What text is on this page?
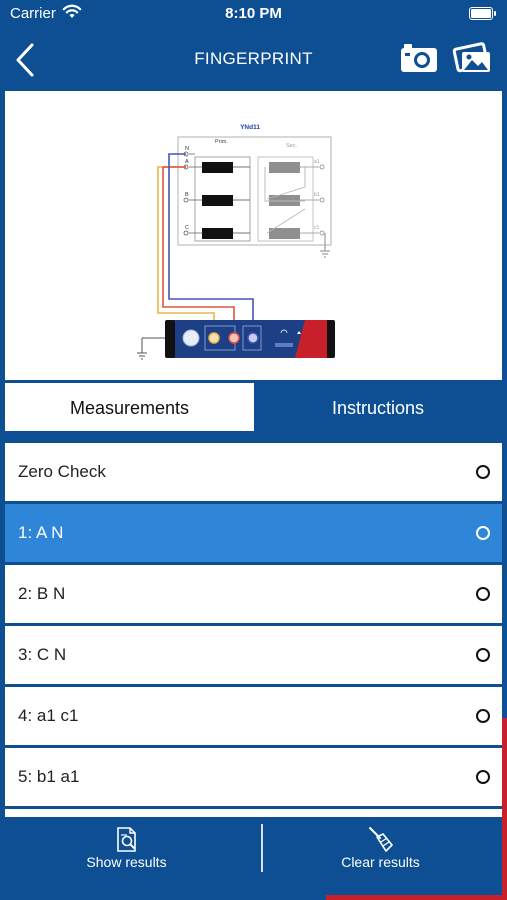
Carrier	8:10 PM
FINGERPRINT
YNd11
Prim.
Sec.
N
A
B
C
a1
b1
c1
Measurements	Instructions
Zero Check
1: A N
2: B N
3: C N
4: a1 c1
5: b1 a1
Show results	Clear results
